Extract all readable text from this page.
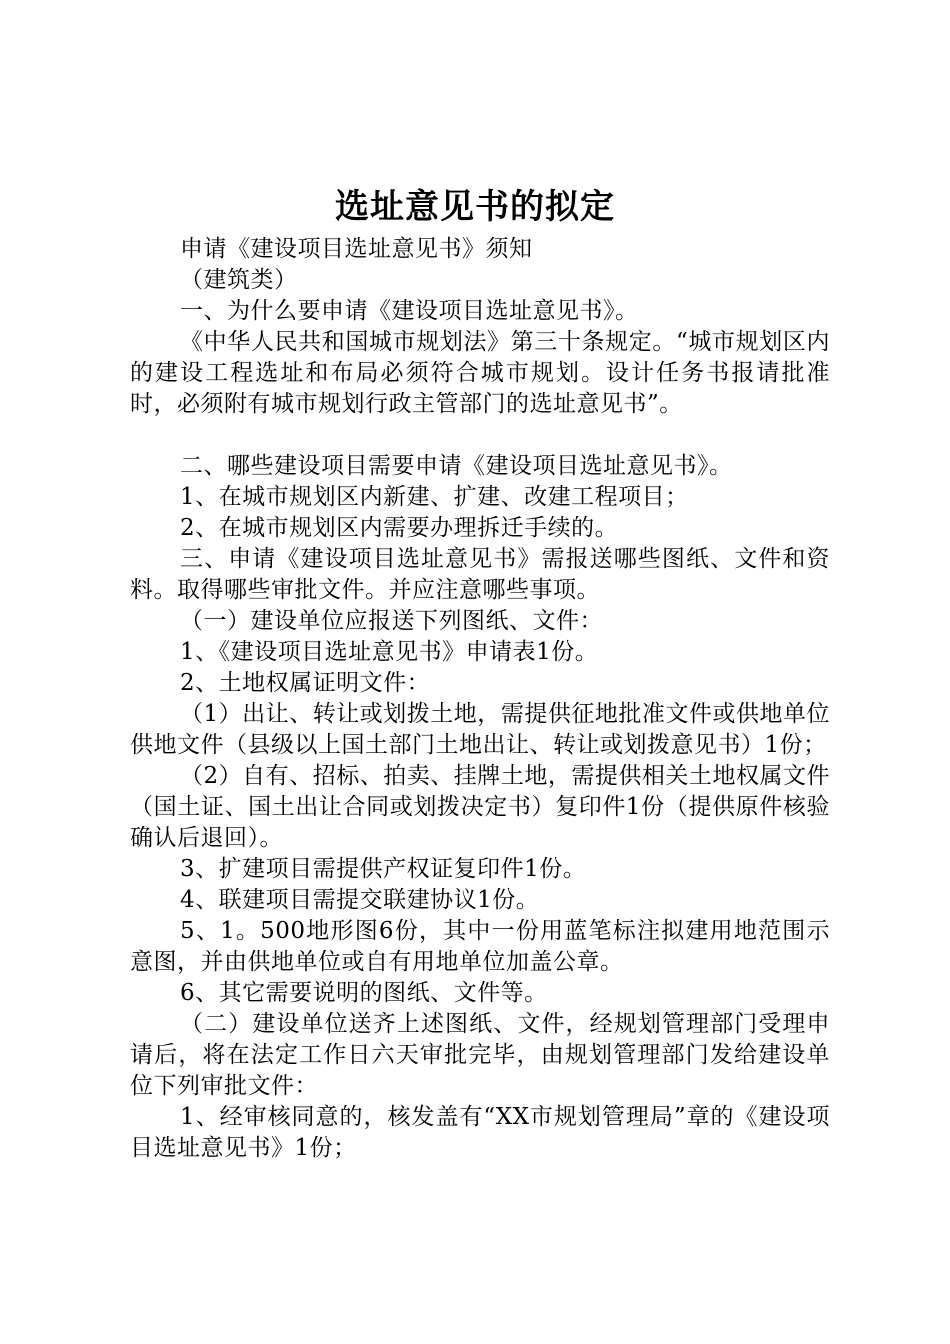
选址意见书的拟定

申请《建设项目选址意见书》须知

（建筑类）

一、为什么要申请《建设项目选址意见书》。

《中华人民共和国城市规划法》第三十条规定。“城市规划区内的建设工程选址和布局必须符合城市规划。设计任务书报请批准时，必须附有城市规划行政主管部门的选址意见书”。

二、哪些建设项目需要申请《建设项目选址意见书》。

1、在城市规划区内新建、扩建、改建工程项目；

2、在城市规划区内需要办理拆迁手续的。

三、申请《建设项目选址意见书》需报送哪些图纸、文件和资料。取得哪些审批文件。并应注意哪些事项。

（一）建设单位应报送下列图纸、文件：

1、《建设项目选址意见书》申请表1份。

2、土地权属证明文件：

（1）出让、转让或划拨土地，需提供征地批准文件或供地单位供地文件（县级以上国土部门土地出让、转让或划拨意见书）1份；

（2）自有、招标、拍卖、挂牌土地，需提供相关土地权属文件（国土证、国土出让合同或划拨决定书）复印件1份（提供原件核验确认后退回）。

3、扩建项目需提供产权证复印件1份。

4、联建项目需提交联建协议1份。

5、1。500地形图6份，其中一份用蓝笔标注拟建用地范围示意图，并由供地单位或自有用地单位加盖公章。

6、其它需要说明的图纸、文件等。

（二）建设单位送齐上述图纸、文件，经规划管理部门受理申请后，将在法定工作日六天审批完毕，由规划管理部门发给建设单位下列审批文件：

1、经审核同意的，核发盖有“XX市规划管理局”章的《建设项目选址意见书》1份；
